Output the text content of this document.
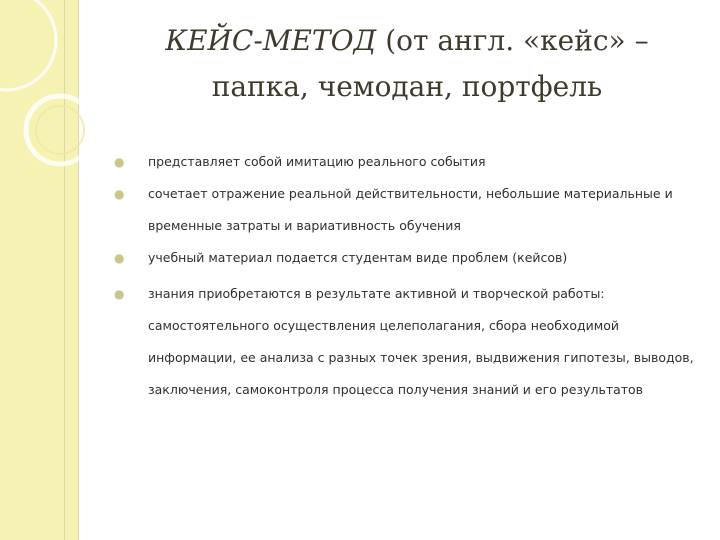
КЕЙС-МЕТОД (от англ. «кейс» –
папка, чемодан, портфель
● представляет собой имитацию реального события
● сочетает отражение реальной действительности, небольшие материальные и временные затраты и вариативность обучения
● учебный материал подается студентам виде проблем (кейсов)
● знания приобретаются в результате активной и творческой работы: самостоятельного осуществления целеполагания, сбора необходимой информации, ее анализа с разных точек зрения, выдвижения гипотезы, выводов, заключения, самоконтроля процесса получения знаний и его результатов
